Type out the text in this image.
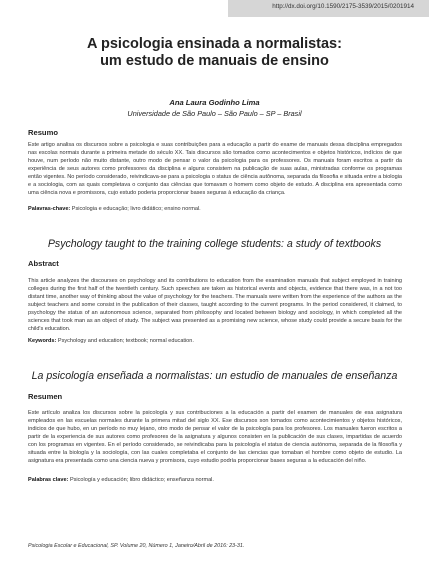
http://dx.doi.org/10.1590/2175-3539/2015/0201914
A psicologia ensinada a normalistas:
um estudo de manuais de ensino
Ana Laura Godinho Lima
Universidade de São Paulo – São Paulo – SP – Brasil
Resumo

Este artigo analisa os discursos sobre a psicologia e suas contribuições para a educação a partir do exame de manuais dessa disciplina empregados nas escolas normais durante a primeira metade do século XX. Tais discursos são tomados como acontecimentos e objetos históricos, indícios de que houve, num período não muito distante, outro modo de pensar o valor da psicologia para os professores. Os manuais foram escritos a partir da experiência de seus autores como professores da disciplina e alguns consistem na publicação de suas aulas, ministradas conforme os programas então vigentes. No período considerado, reivindicava-se para a psicologia o status de ciência autônoma, separada da filosofia e situada entre a biologia e a sociologia, com as quais completava o conjunto das ciências que tomavam o homem como objeto de estudo. A disciplina era apresentada como uma ciência nova e promissora, cujo estudo poderia proporcionar bases seguras à educação da criança.

Palavras-chave: Psicologia e educação; livro didático; ensino normal.

Psychology taught to the training college students: a study of textbooks
Abstract

This article analyzes the discourses on psychology and its contributions to education from the examination manuals that subject employed in training colleges during the first half of the twentieth century. Such speeches are taken as historical events and objects, evidence that there was, in a not too distant time, another way of thinking about the value of psychology for the teachers. The manuals were written from the experience of the authors as the subject teachers and some consist in the publication of their classes, taught according to the current programs. In the period considered, it claimed, to psychology the status of an autonomous science, separated from philosophy and located between biology and sociology, in which completed all the sciences that took man as an object of study. The subject was presented as a promising new science, whose study could provide a secure basis for the child's education.

Keywords: Psychology and education; textbook; normal education.

La psicología enseñada a normalistas: un estudio de manuales de enseñanza
Resumen

Este artículo analiza los discursos sobre la psicología y sus contribuciones a la educación a partir del examen de manuales de esa asignatura empleados en las escuelas normales durante la primera mitad del siglo XX. Ese discursos son tomados como acontecimientos y objetos históricos, indicios de que hubo, en un período no muy lejano, otro modo de pensar el valor de la psicología para los profesores. Los manuales fueron escritos a partir de la experiencia de sus autores como profesores de la asignatura y algunos consisten en la publicación de sus clases, impartidas de acuerdo con los programas en vigentes. En el período considerado, se reivindicaba para la psicología el status de ciencia autónoma, separada de la filosofía y situada entre la biología y la sociología, con las cuales completaba el conjunto de las ciencias que tomaban el hombre como objeto de estudio. La asignatura era presentada como una ciencia nueva y promisora, cuyo estudio podría proporcionar bases seguras a la educación del niño.

Palabras clave: Psicología y educación; libro didáctico; enseñanza normal.

Psicologia Escolar e Educacional, SP. Volume 20, Número 1, Janeiro/Abril de 2016: 23-31.
